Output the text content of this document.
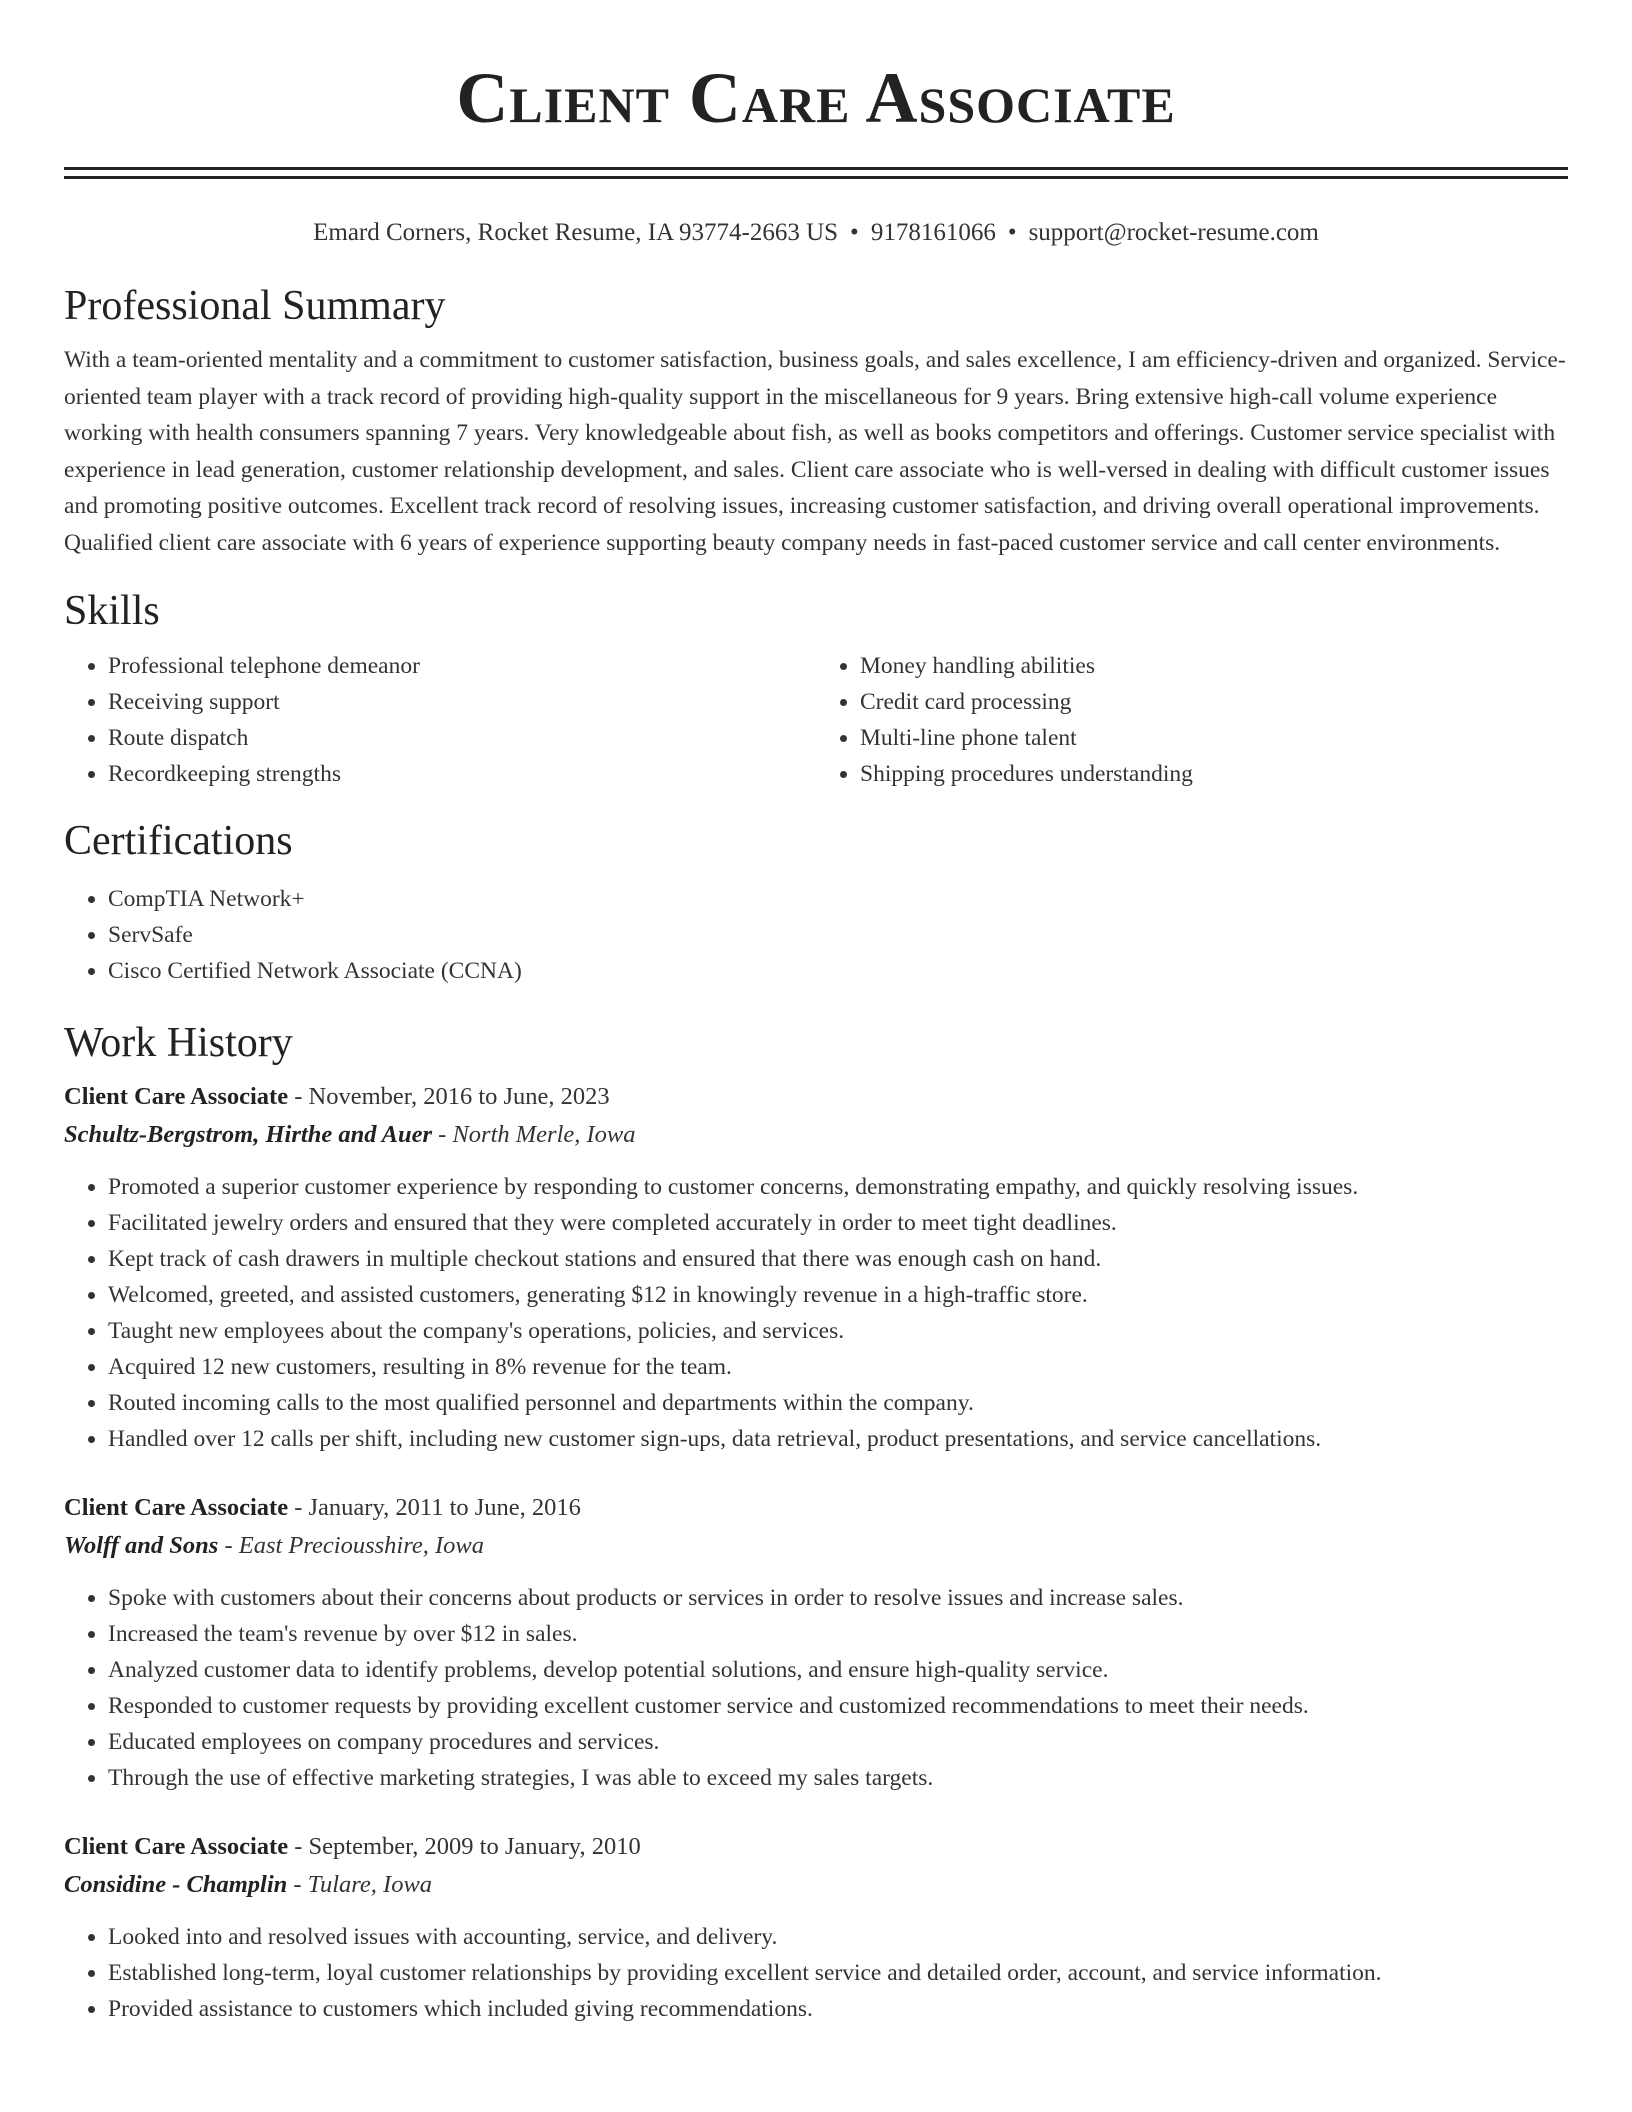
Client Care Associate
Emard Corners, Rocket Resume, IA 93774-2663 US • 9178161066 • support@rocket-resume.com
Professional Summary

With a team-oriented mentality and a commitment to customer satisfaction, business goals, and sales excellence, I am efficiency-driven and organized. Service-oriented team player with a track record of providing high-quality support in the miscellaneous for 9 years. Bring extensive high-call volume experience working with health consumers spanning 7 years. Very knowledgeable about fish, as well as books competitors and offerings. Customer service specialist with experience in lead generation, customer relationship development, and sales. Client care associate who is well-versed in dealing with difficult customer issues and promoting positive outcomes. Excellent track record of resolving issues, increasing customer satisfaction, and driving overall operational improvements. Qualified client care associate with 6 years of experience supporting beauty company needs in fast-paced customer service and call center environments.

Skills
• Professional telephone demeanor
• Receiving support
• Route dispatch
• Recordkeeping strengths
• Money handling abilities
• Credit card processing
• Multi-line phone talent
• Shipping procedures understanding
Certifications
• CompTIA Network+
• ServSafe
• Cisco Certified Network Associate (CCNA)
Work History
Client Care Associate - November, 2016 to June, 2023
Schultz-Bergstrom, Hirthe and Auer - North Merle, Iowa
• Promoted a superior customer experience by responding to customer concerns, demonstrating empathy, and quickly resolving issues.
• Facilitated jewelry orders and ensured that they were completed accurately in order to meet tight deadlines.
• Kept track of cash drawers in multiple checkout stations and ensured that there was enough cash on hand.
• Welcomed, greeted, and assisted customers, generating $12 in knowingly revenue in a high-traffic store.
• Taught new employees about the company's operations, policies, and services.
• Acquired 12 new customers, resulting in 8% revenue for the team.
• Routed incoming calls to the most qualified personnel and departments within the company.
• Handled over 12 calls per shift, including new customer sign-ups, data retrieval, product presentations, and service cancellations.
Client Care Associate - January, 2011 to June, 2016
Wolff and Sons - East Preciousshire, Iowa
• Spoke with customers about their concerns about products or services in order to resolve issues and increase sales.
• Increased the team's revenue by over $12 in sales.
• Analyzed customer data to identify problems, develop potential solutions, and ensure high-quality service.
• Responded to customer requests by providing excellent customer service and customized recommendations to meet their needs.
• Educated employees on company procedures and services.
• Through the use of effective marketing strategies, I was able to exceed my sales targets.
Client Care Associate - September, 2009 to January, 2010
Considine - Champlin - Tulare, Iowa
• Looked into and resolved issues with accounting, service, and delivery.
• Established long-term, loyal customer relationships by providing excellent service and detailed order, account, and service information.
• Provided assistance to customers which included giving recommendations.
